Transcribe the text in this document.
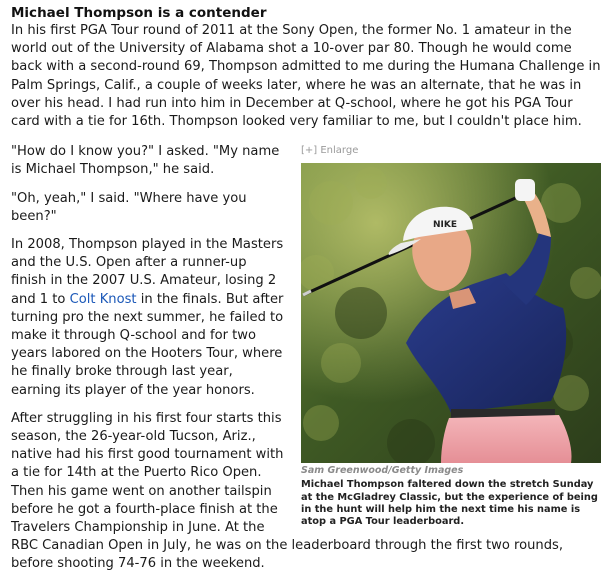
Michael Thompson is a contender

In his first PGA Tour round of 2011 at the Sony Open, the former No. 1 amateur in the world out of the University of Alabama shot a 10-over par 80. Though he would come back with a second-round 69, Thompson admitted to me during the Humana Challenge in Palm Springs, Calif., a couple of weeks later, where he was an alternate, that he was in over his head. I had run into him in December at Q-school, where he got his PGA Tour card with a tie for 16th. Thompson looked very familiar to me, but I couldn't place him.

[+] Enlarge
NIKE
Sam Greenwood/Getty Images

Michael Thompson faltered down the stretch Sunday at the McGladrey Classic, but the experience of being in the hunt will help him the next time his name is atop a PGA Tour leaderboard.

"How do I know you?" I asked. "My name is Michael Thompson," he said.

"Oh, yeah," I said. "Where have you been?"

In 2008, Thompson played in the Masters and the U.S. Open after a runner-up finish in the 2007 U.S. Amateur, losing 2 and 1 to Colt Knost in the finals. But after turning pro the next summer, he failed to make it through Q-school and for two years labored on the Hooters Tour, where he finally broke through last year, earning its player of the year honors.

After struggling in his first four starts this season, the 26-year-old Tucson, Ariz., native had his first good tournament with a tie for 14th at the Puerto Rico Open. Then his game went on another tailspin before he got a fourth-place finish at the Travelers Championship in June. At the RBC Canadian Open in July, he was on the leaderboard through the first two rounds, before shooting 74-76 in the weekend.
